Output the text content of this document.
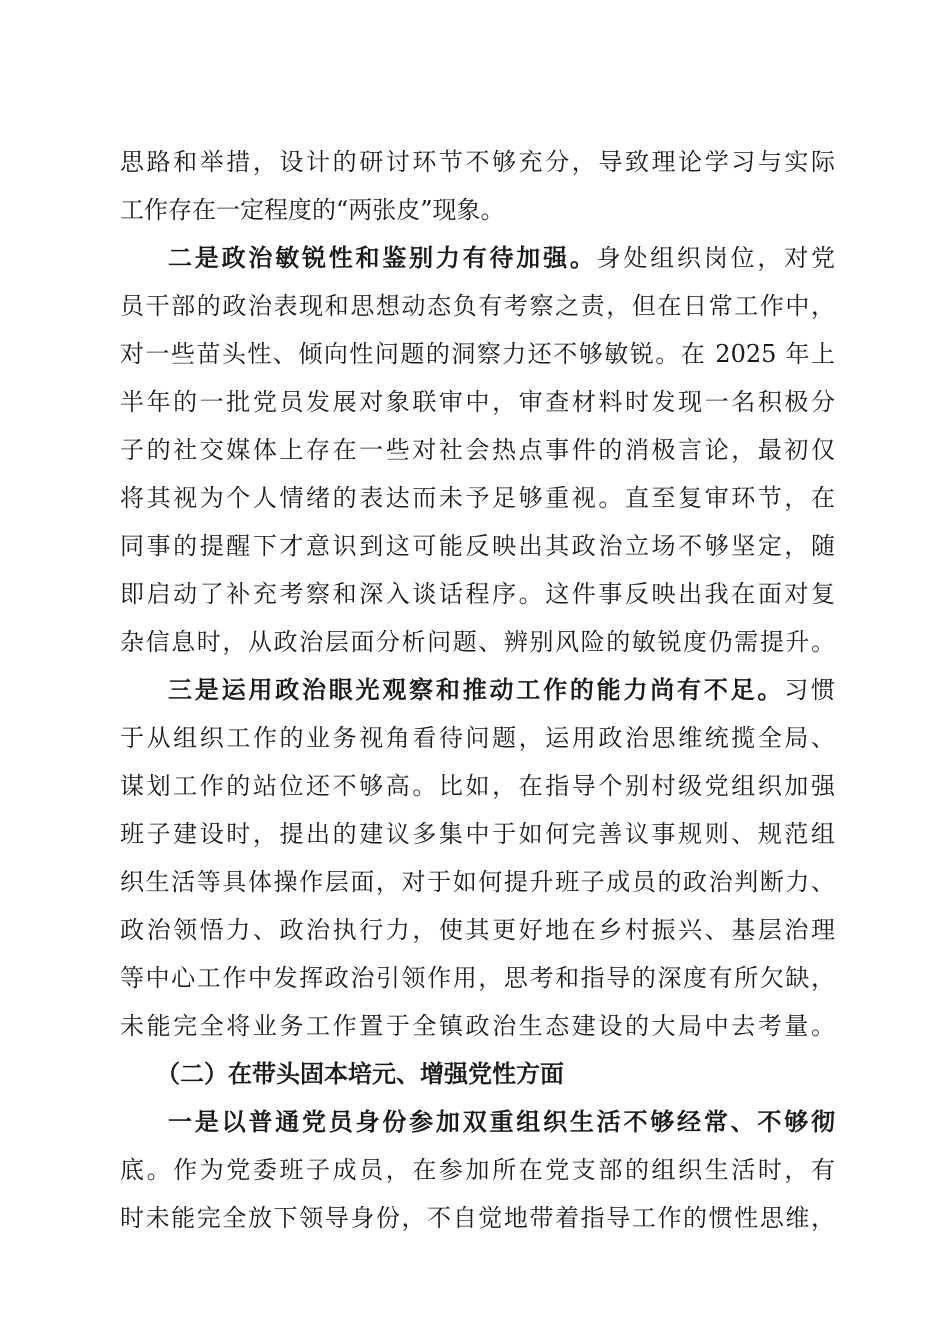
思路和举措，设计的研讨环节不够充分，导致理论学习与实际
工作存在一定程度的“两张皮”现象。
二是政治敏锐性和鉴别力有待加强。身处组织岗位，对党
员干部的政治表现和思想动态负有考察之责，但在日常工作中，
对一些苗头性、倾向性问题的洞察力还不够敏锐。在 2025 年上
半年的一批党员发展对象联审中，审查材料时发现一名积极分
子的社交媒体上存在一些对社会热点事件的消极言论，最初仅
将其视为个人情绪的表达而未予足够重视。直至复审环节，在
同事的提醒下才意识到这可能反映出其政治立场不够坚定，随
即启动了补充考察和深入谈话程序。这件事反映出我在面对复
杂信息时，从政治层面分析问题、辨别风险的敏锐度仍需提升。
三是运用政治眼光观察和推动工作的能力尚有不足。习惯
于从组织工作的业务视角看待问题，运用政治思维统揽全局、
谋划工作的站位还不够高。比如，在指导个别村级党组织加强
班子建设时，提出的建议多集中于如何完善议事规则、规范组
织生活等具体操作层面，对于如何提升班子成员的政治判断力、
政治领悟力、政治执行力，使其更好地在乡村振兴、基层治理
等中心工作中发挥政治引领作用，思考和指导的深度有所欠缺，
未能完全将业务工作置于全镇政治生态建设的大局中去考量。
（二）在带头固本培元、增强党性方面
一是以普通党员身份参加双重组织生活不够经常、不够彻
底。作为党委班子成员，在参加所在党支部的组织生活时，有
时未能完全放下领导身份，不自觉地带着指导工作的惯性思维，
